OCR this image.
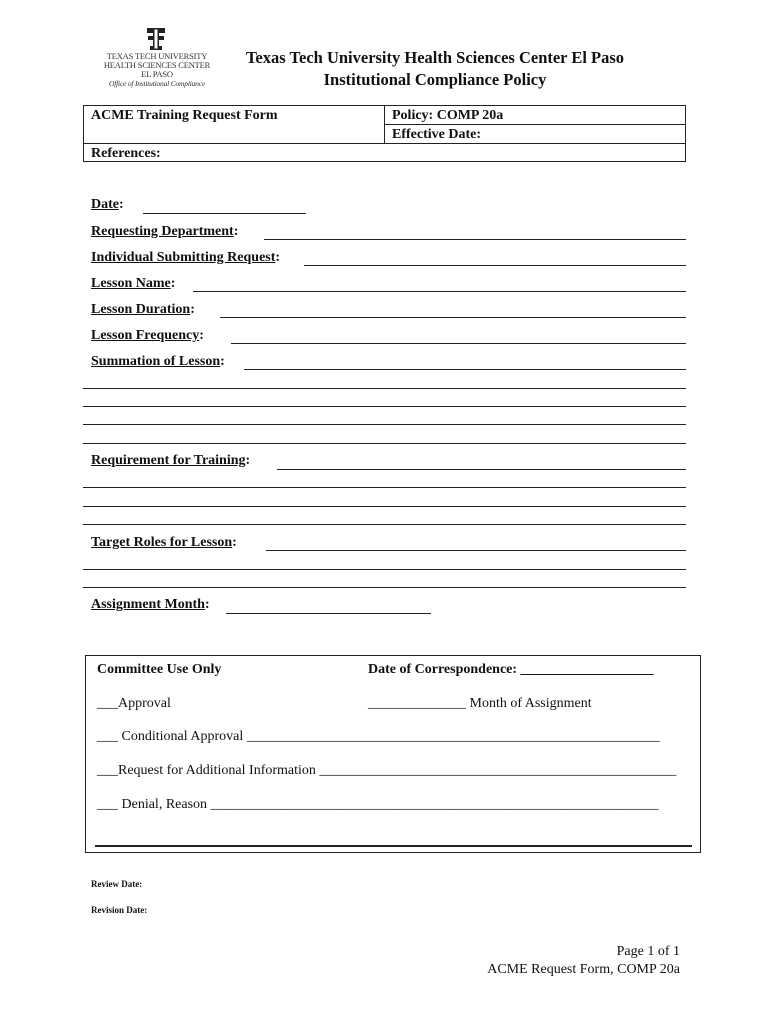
TEXAS TECH UNIVERSITY
HEALTH SCIENCES CENTER
EL PASO
Office of Institutional Compliance
Texas Tech University Health Sciences Center El Paso
Institutional Compliance Policy
ACME Training Request Form	Policy: COMP 20a
Effective Date:
References:
Date:
Requesting Department:
Individual Submitting Request:
Lesson Name:
Lesson Duration:
Lesson Frequency:
Summation of Lesson:
Requirement for Training:
Target Roles for Lesson:
Assignment Month:
Committee Use Only	Date of Correspondence: ___________________
___Approval	______________ Month of Assignment
___ Conditional Approval ___________________________________________________________
___Request for Additional Information ___________________________________________________
___ Denial, Reason ________________________________________________________________
Review Date:
Revision Date:
Page 1 of 1
ACME Request Form, COMP 20a
